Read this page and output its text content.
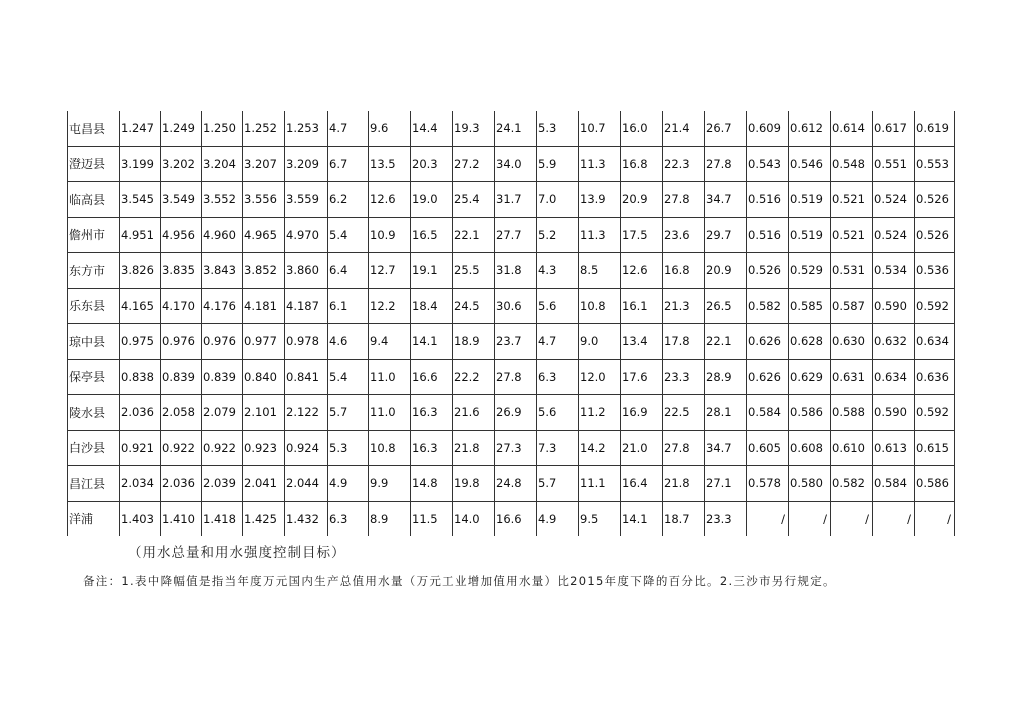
屯昌县	1.247	1.249	1.250	1.252	1.253	4.7	9.6	14.4	19.3	24.1	5.3	10.7	16.0	21.4	26.7	0.609	0.612	0.614	0.617	0.619
澄迈县	3.199	3.202	3.204	3.207	3.209	6.7	13.5	20.3	27.2	34.0	5.9	11.3	16.8	22.3	27.8	0.543	0.546	0.548	0.551	0.553
临高县	3.545	3.549	3.552	3.556	3.559	6.2	12.6	19.0	25.4	31.7	7.0	13.9	20.9	27.8	34.7	0.516	0.519	0.521	0.524	0.526
儋州市	4.951	4.956	4.960	4.965	4.970	5.4	10.9	16.5	22.1	27.7	5.2	11.3	17.5	23.6	29.7	0.516	0.519	0.521	0.524	0.526
东方市	3.826	3.835	3.843	3.852	3.860	6.4	12.7	19.1	25.5	31.8	4.3	8.5	12.6	16.8	20.9	0.526	0.529	0.531	0.534	0.536
乐东县	4.165	4.170	4.176	4.181	4.187	6.1	12.2	18.4	24.5	30.6	5.6	10.8	16.1	21.3	26.5	0.582	0.585	0.587	0.590	0.592
琼中县	0.975	0.976	0.976	0.977	0.978	4.6	9.4	14.1	18.9	23.7	4.7	9.0	13.4	17.8	22.1	0.626	0.628	0.630	0.632	0.634
保亭县	0.838	0.839	0.839	0.840	0.841	5.4	11.0	16.6	22.2	27.8	6.3	12.0	17.6	23.3	28.9	0.626	0.629	0.631	0.634	0.636
陵水县	2.036	2.058	2.079	2.101	2.122	5.7	11.0	16.3	21.6	26.9	5.6	11.2	16.9	22.5	28.1	0.584	0.586	0.588	0.590	0.592
白沙县	0.921	0.922	0.922	0.923	0.924	5.3	10.8	16.3	21.8	27.3	7.3	14.2	21.0	27.8	34.7	0.605	0.608	0.610	0.613	0.615
昌江县	2.034	2.036	2.039	2.041	2.044	4.9	9.9	14.8	19.8	24.8	5.7	11.1	16.4	21.8	27.1	0.578	0.580	0.582	0.584	0.586
洋浦	1.403	1.410	1.418	1.425	1.432	6.3	8.9	11.5	14.0	16.6	4.9	9.5	14.1	18.7	23.3	/	/	/	/	/
（用水总量和用水强度控制目标）
备注：1.表中降幅值是指当年度万元国内生产总值用水量（万元工业增加值用水量）比2015年度下降的百分比。2.三沙市另行规定。
